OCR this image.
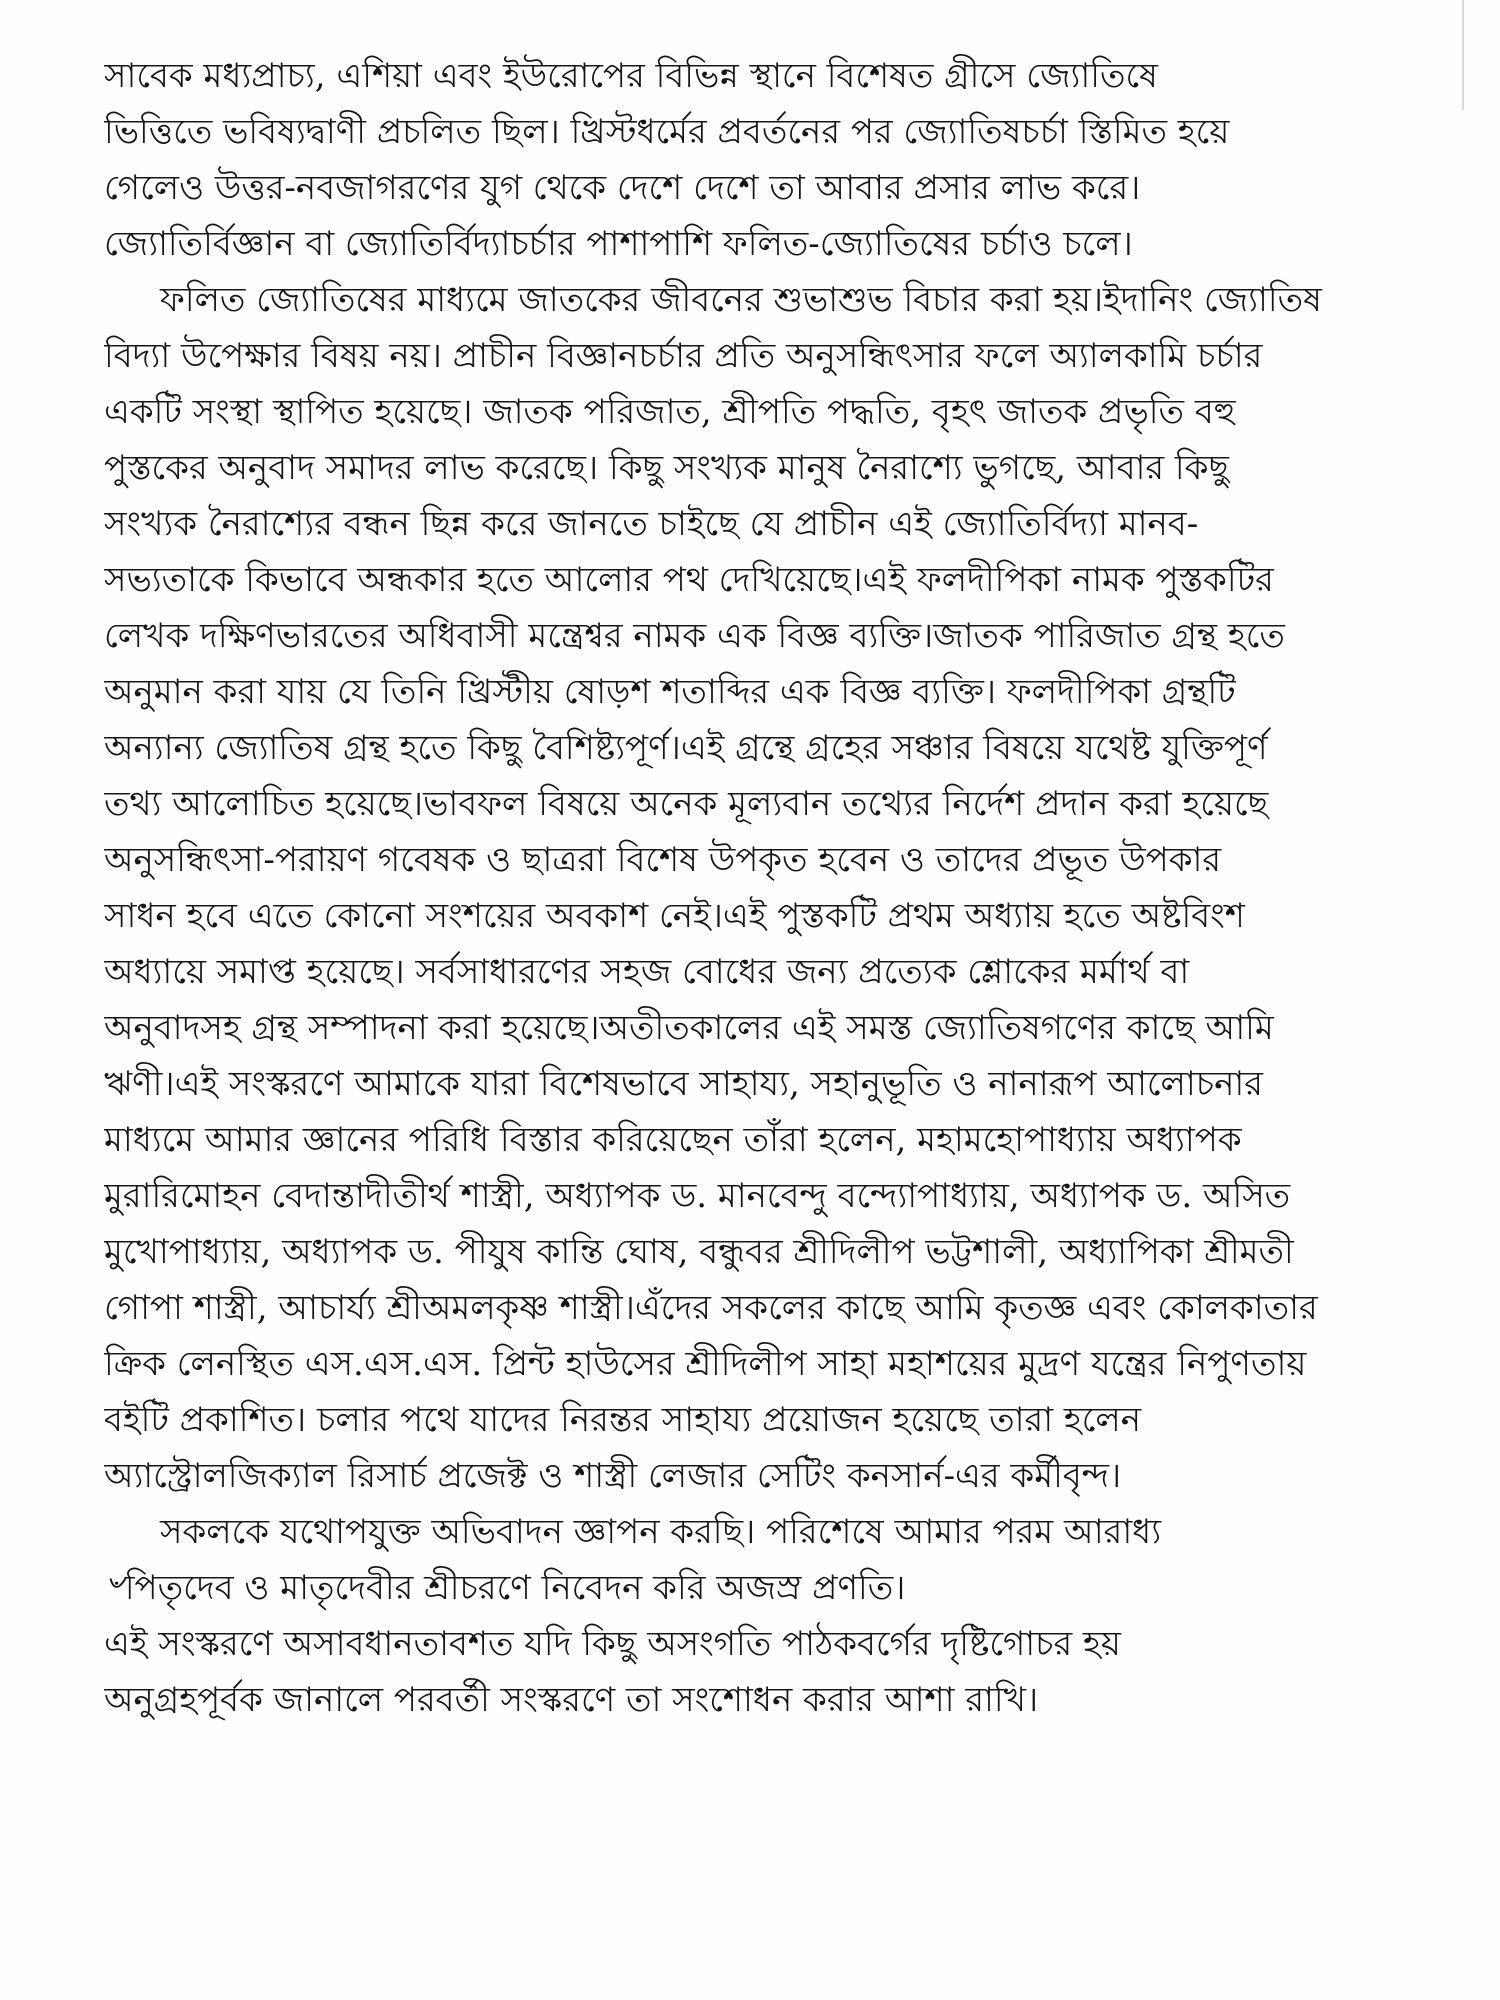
সাবেক মধ্যপ্রাচ্য, এশিয়া এবং ইউরোপের বিভিন্ন স্থানে বিশেষত গ্রীসে জ্যোতিষে
ভিত্তিতে ভবিষ্যদ্বাণী প্রচলিত ছিল। খ্রিস্টধর্মের প্রবর্তনের পর জ্যোতিষচর্চা স্তিমিত হয়ে
গেলেও উত্তর-নবজাগরণের যুগ থেকে দেশে দেশে তা আবার প্রসার লাভ করে।
জ্যোতির্বিজ্ঞান বা জ্যোতির্বিদ্যাচর্চার পাশাপাশি ফলিত-জ্যোতিষের চর্চাও চলে।
ফলিত জ্যোতিষের মাধ্যমে জাতকের জীবনের শুভাশুভ বিচার করা হয়।ইদানিং জ্যোতিষ
বিদ্যা উপেক্ষার বিষয় নয়। প্রাচীন বিজ্ঞানচর্চার প্রতি অনুসন্ধিৎসার ফলে অ্যালকামি চর্চার
একটি সংস্থা স্থাপিত হয়েছে। জাতক পরিজাত, শ্রীপতি পদ্ধতি, বৃহৎ জাতক প্রভৃতি বহু
পুস্তকের অনুবাদ সমাদর লাভ করেছে। কিছু সংখ্যক মানুষ নৈরাশ্যে ভুগছে, আবার কিছু
সংখ্যক নৈরাশ্যের বন্ধন ছিন্ন করে জানতে চাইছে যে প্রাচীন এই জ্যোতির্বিদ্যা মানব-
সভ্যতাকে কিভাবে অন্ধকার হতে আলোর পথ দেখিয়েছে।এই ফলদীপিকা নামক পুস্তকটির
লেখক দক্ষিণভারতের অধিবাসী মন্ত্রেশ্বর নামক এক বিজ্ঞ ব্যক্তি।জাতক পারিজাত গ্রন্থ হতে
অনুমান করা যায় যে তিনি খ্রিস্টীয় ষোড়শ শতাব্দির এক বিজ্ঞ ব্যক্তি। ফলদীপিকা গ্রন্থটি
অন্যান্য জ্যোতিষ গ্রন্থ হতে কিছু বৈশিষ্ট্যপূর্ণ।এই গ্রন্থে গ্রহের সঞ্চার বিষয়ে যথেষ্ট যুক্তিপূর্ণ
তথ্য আলোচিত হয়েছে।ভাবফল বিষয়ে অনেক মূল্যবান তথ্যের নির্দেশ প্রদান করা হয়েছে
অনুসন্ধিৎসা-পরায়ণ গবেষক ও ছাত্ররা বিশেষ উপকৃত হবেন ও তাদের প্রভূত উপকার
সাধন হবে এতে কোনো সংশয়ের অবকাশ নেই।এই পুস্তকটি প্রথম অধ্যায় হতে অষ্টবিংশ
অধ্যায়ে সমাপ্ত হয়েছে। সর্বসাধারণের সহজ বোধের জন্য প্রত্যেক শ্লোকের মর্মার্থ বা
অনুবাদসহ গ্রন্থ সম্পাদনা করা হয়েছে।অতীতকালের এই সমস্ত জ্যোতিষগণের কাছে আমি
ঋণী।এই সংস্করণে আমাকে যারা বিশেষভাবে সাহায্য, সহানুভূতি ও নানারূপ আলোচনার
মাধ্যমে আমার জ্ঞানের পরিধি বিস্তার করিয়েছেন তাঁরা হলেন, মহামহোপাধ্যায় অধ্যাপক
মুরারিমোহন বেদান্তাদীতীর্থ শাস্ত্রী, অধ্যাপক ড. মানবেন্দু বন্দ্যোপাধ্যায়, অধ্যাপক ড. অসিত
মুখোপাধ্যায়, অধ্যাপক ড. পীযুষ কান্তি ঘোষ, বন্ধুবর শ্রীদিলীপ ভট্টশালী, অধ্যাপিকা শ্রীমতী
গোপা শাস্ত্রী, আচার্য্য শ্রীঅমলকৃষ্ণ শাস্ত্রী।এঁদের সকলের কাছে আমি কৃতজ্ঞ এবং কোলকাতার
ক্রিক লেনস্থিত এস.এস.এস. প্রিন্ট হাউসের শ্রীদিলীপ সাহা মহাশয়ের মুদ্রণ যন্ত্রের নিপুণতায়
বইটি প্রকাশিত। চলার পথে যাদের নিরন্তর সাহায্য প্রয়োজন হয়েছে তারা হলেন
অ্যাস্ট্রোলজিক্যাল রিসার্চ প্রজেক্ট ও শাস্ত্রী লেজার সেটিং কনসার্ন-এর কর্মীবৃন্দ।
সকলকে যথোপযুক্ত অভিবাদন জ্ঞাপন করছি। পরিশেষে আমার পরম আরাধ্য
৺পিতৃদেব ও মাতৃদেবীর শ্রীচরণে নিবেদন করি অজস্র প্রণতি।
এই সংস্করণে অসাবধানতাবশত যদি কিছু অসংগতি পাঠকবর্গের দৃষ্টিগোচর হয়
অনুগ্রহপূর্বক জানালে পরবর্তী সংস্করণে তা সংশোধন করার আশা রাখি।
